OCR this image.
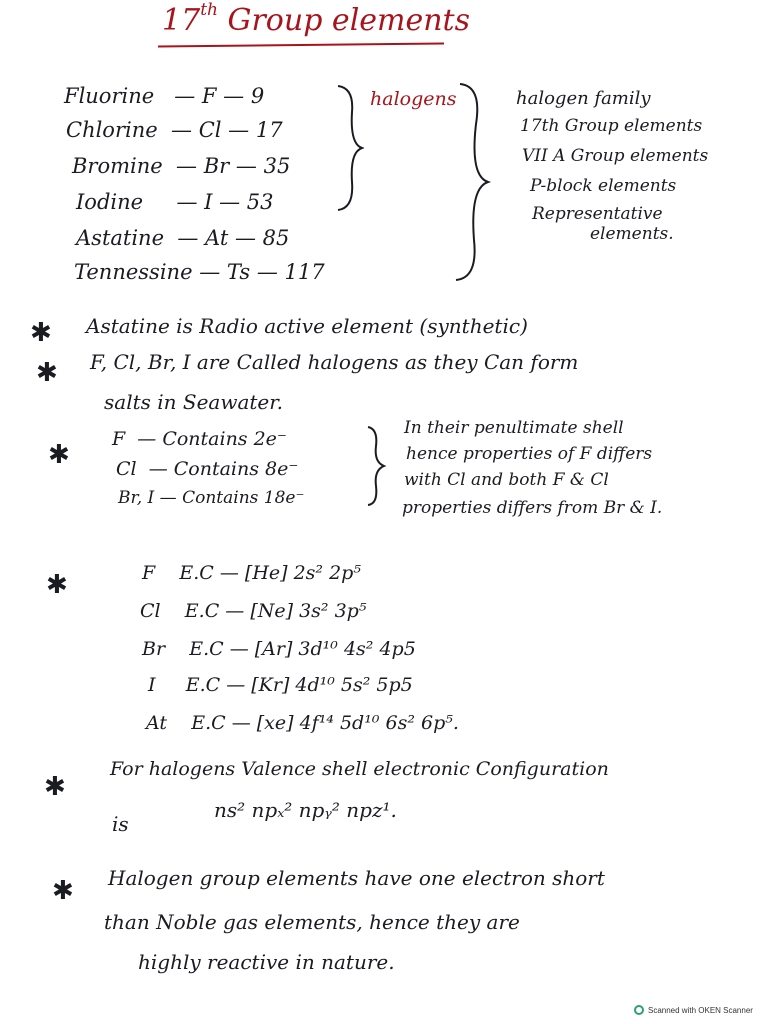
17th Group elements
Fluorine   — F — 9
Chlorine  — Cl — 17
Bromine  — Br — 35
Iodine     — I — 53
Astatine  — At — 85
Tennessine — Ts — 117
halogens	halogen family
17th Group elements
VII A Group elements
P-block elements
Representative
elements.
✱ Astatine is Radio active element (synthetic)
✱ F, Cl, Br, I are Called halogens as they Can form
salts in Seawater.
✱
F  — Contains 2e⁻
Cl  — Contains 8e⁻
Br, I — Contains 18e⁻
In their penultimate shell
hence properties of F differs
with Cl and both F & Cl
properties differs from Br & I.
✱	F E.C — [He] 2s² 2p⁵
Cl E.C — [Ne] 3s² 3p⁵
Br E.C — [Ar] 3d¹⁰ 4s² 4p5
I E.C — [Kr] 4d¹⁰ 5s² 5p5
At E.C — [xe] 4f¹⁴ 5d¹⁰ 6s² 6p⁵.
✱
For halogens Valence shell electronic Configuration
is
ns² npₓ² npᵧ² npz¹.
✱ Halogen group elements have one electron short
than Noble gas elements, hence they are
highly reactive in nature.
Scanned with OKEN Scanner
